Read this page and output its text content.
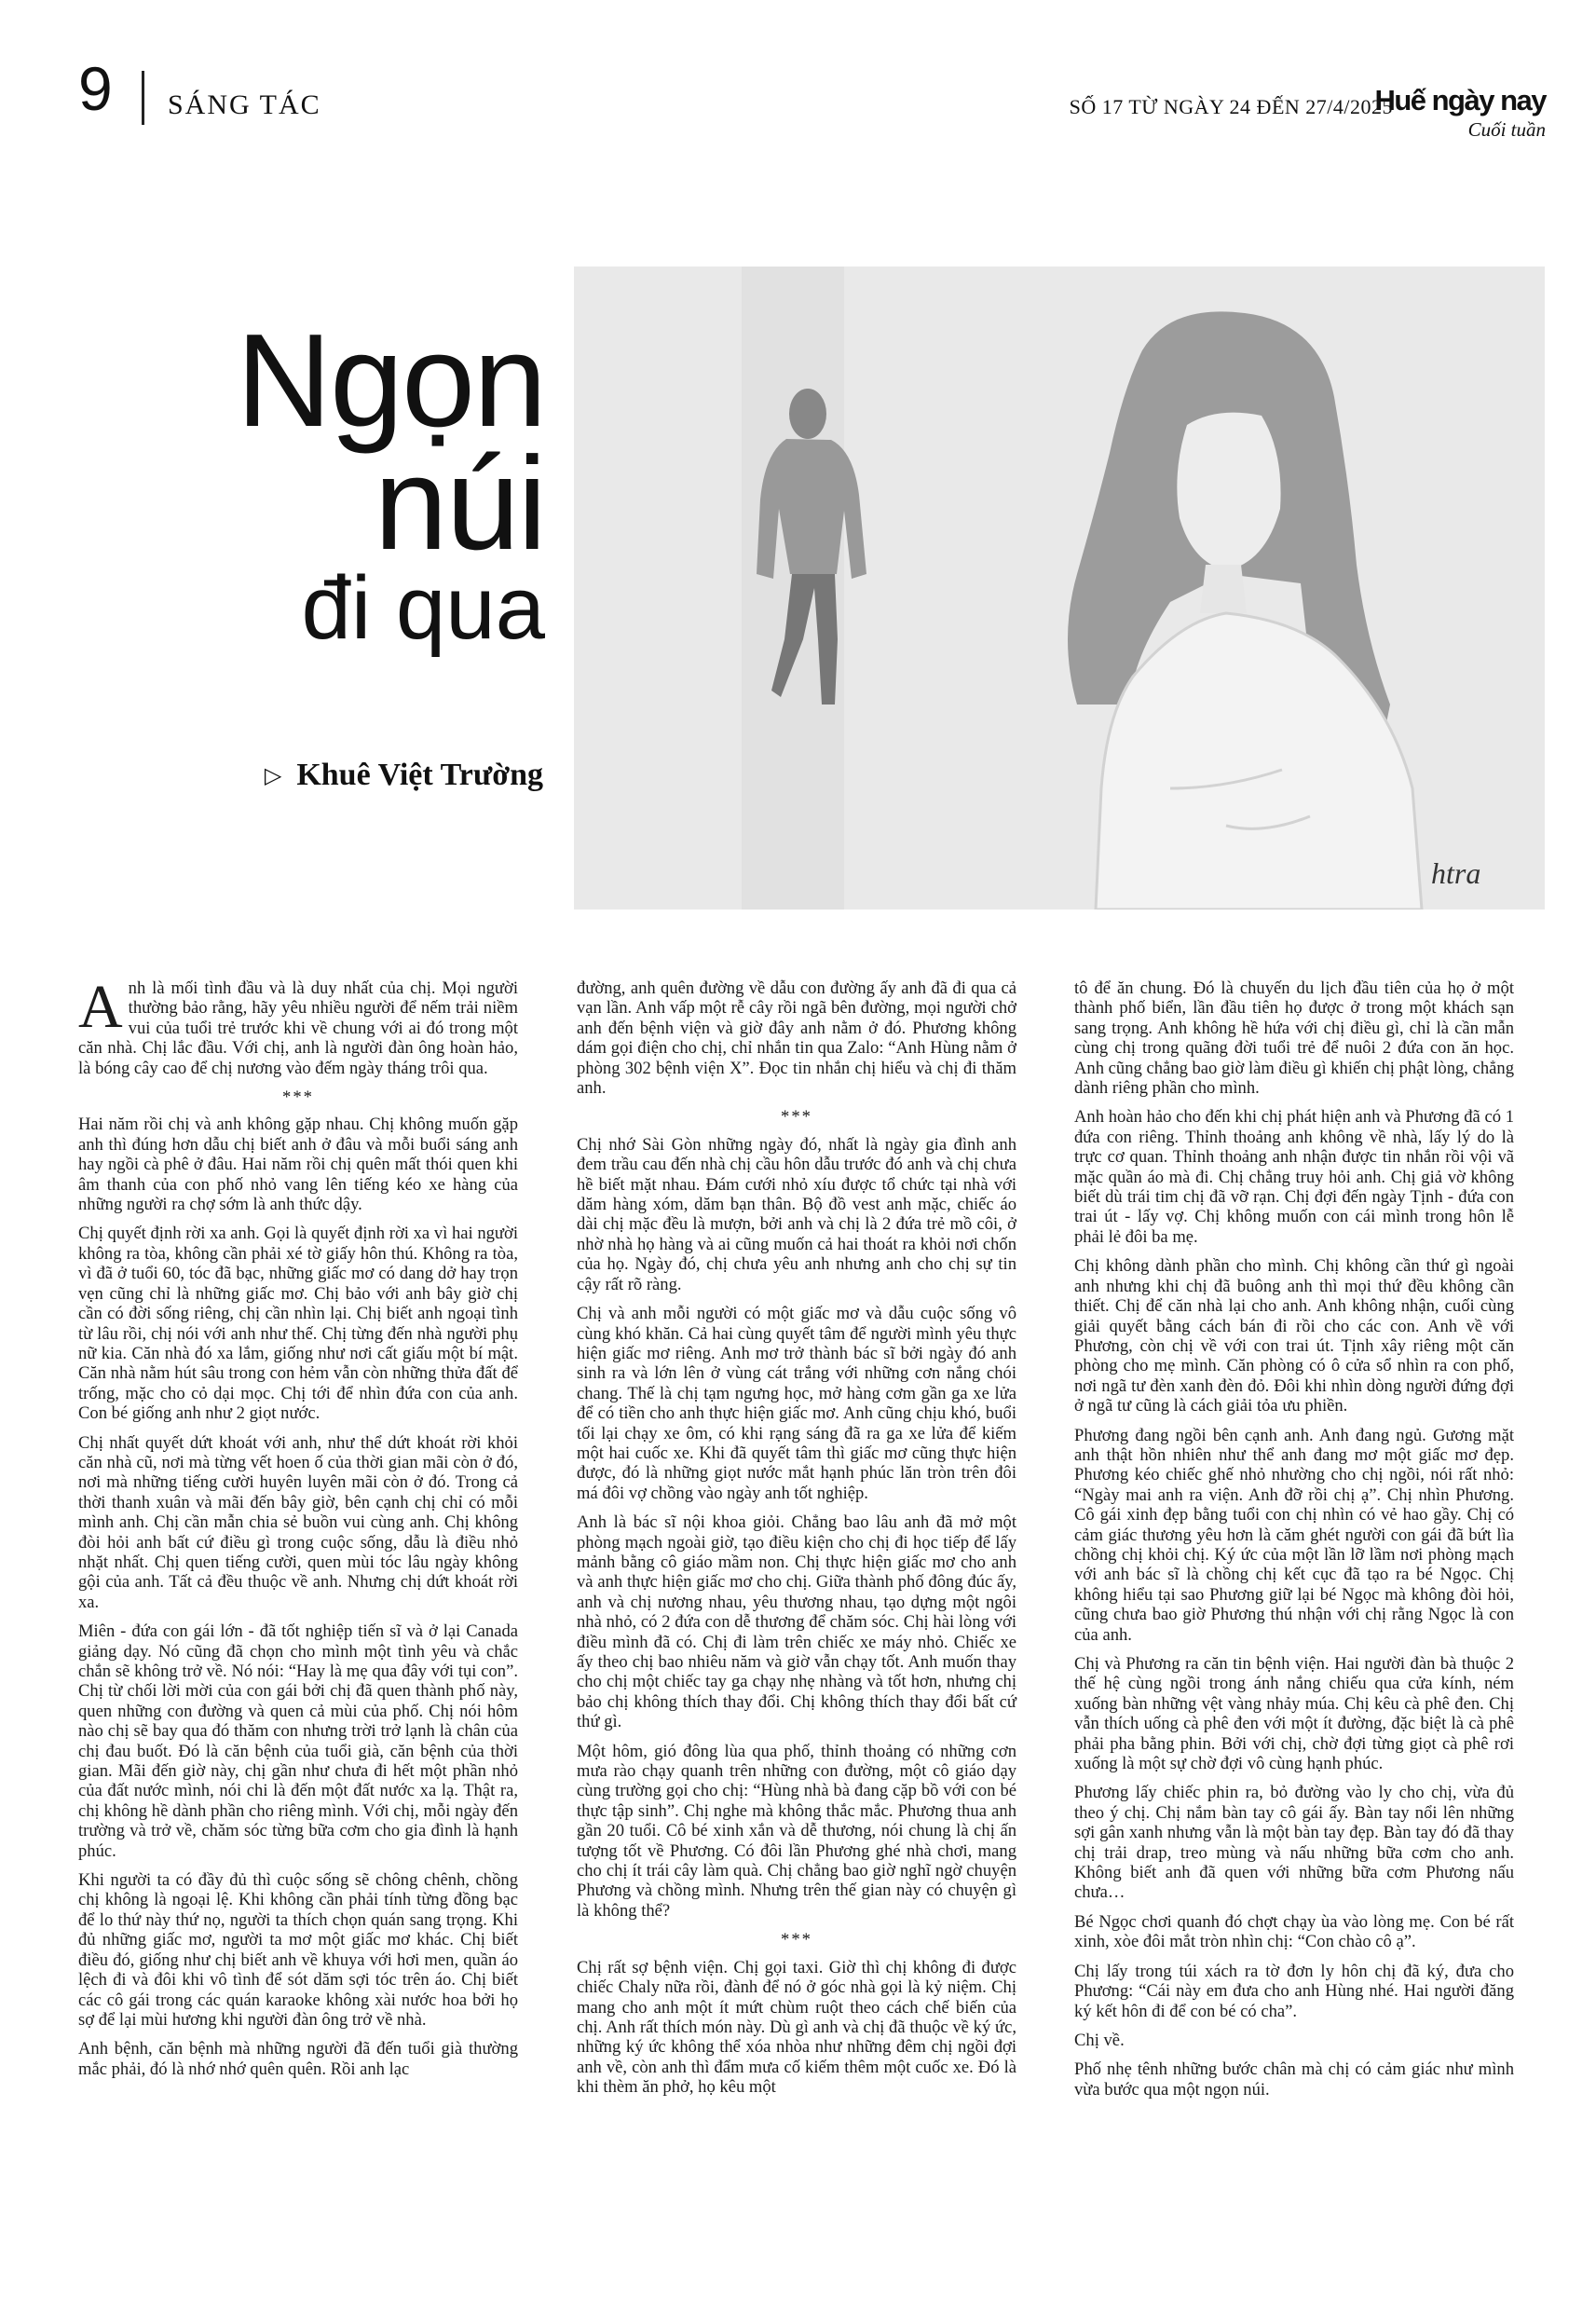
9 SÁNG TÁC	SỐ 17 TỪ NGÀY 24 ĐẾN 27/4/2025
Huế ngày nay
Cuối tuần
Ngọn
núi
đi qua
▷ Khuê Việt Trường
htra

Anh là mối tình đầu và là duy nhất của chị. Mọi người thường bảo rằng, hãy yêu nhiều người để nếm trải niềm vui của tuổi trẻ trước khi về chung với ai đó trong một căn nhà. Chị lắc đầu. Với chị, anh là người đàn ông hoàn hảo, là bóng cây cao để chị nương vào đếm ngày tháng trôi qua.

***

Hai năm rồi chị và anh không gặp nhau. Chị không muốn gặp anh thì đúng hơn dẫu chị biết anh ở đâu và mỗi buổi sáng anh hay ngồi cà phê ở đâu. Hai năm rồi chị quên mất thói quen khi âm thanh của con phố nhỏ vang lên tiếng kéo xe hàng của những người ra chợ sớm là anh thức dậy.

Chị quyết định rời xa anh. Gọi là quyết định rời xa vì hai người không ra tòa, không cần phải xé tờ giấy hôn thú. Không ra tòa, vì đã ở tuổi 60, tóc đã bạc, những giấc mơ có dang dở hay trọn vẹn cũng chỉ là những giấc mơ. Chị bảo với anh bây giờ chị cần có đời sống riêng, chị cần nhìn lại. Chị biết anh ngoại tình từ lâu rồi, chị nói với anh như thế. Chị từng đến nhà người phụ nữ kia. Căn nhà đó xa lắm, giống như nơi cất giấu một bí mật. Căn nhà nằm hút sâu trong con hẻm vẫn còn những thửa đất để trống, mặc cho cỏ dại mọc. Chị tới để nhìn đứa con của anh. Con bé giống anh như 2 giọt nước.

Chị nhất quyết dứt khoát với anh, như thể dứt khoát rời khỏi căn nhà cũ, nơi mà từng vết hoen ố của thời gian mãi còn ở đó, nơi mà những tiếng cười huyên luyên mãi còn ở đó. Trong cả thời thanh xuân và mãi đến bây giờ, bên cạnh chị chỉ có mỗi mình anh. Chị cần mẫn chia sẻ buồn vui cùng anh. Chị không đòi hỏi anh bất cứ điều gì trong cuộc sống, dẫu là điều nhỏ nhặt nhất. Chị quen tiếng cười, quen mùi tóc lâu ngày không gội của anh. Tất cả đều thuộc về anh. Nhưng chị dứt khoát rời xa.

Miên - đứa con gái lớn - đã tốt nghiệp tiến sĩ và ở lại Canada giảng dạy. Nó cũng đã chọn cho mình một tình yêu và chắc chắn sẽ không trở về. Nó nói: “Hay là mẹ qua đây với tụi con”. Chị từ chối lời mời của con gái bởi chị đã quen thành phố này, quen những con đường và quen cả mùi của phố. Chị nói hôm nào chị sẽ bay qua đó thăm con nhưng trời trở lạnh là chân của chị đau buốt. Đó là căn bệnh của tuổi già, căn bệnh của thời gian. Mãi đến giờ này, chị gần như chưa đi hết một phần nhỏ của đất nước mình, nói chi là đến một đất nước xa lạ. Thật ra, chị không hề dành phần cho riêng mình. Với chị, mỗi ngày đến trường và trở về, chăm sóc từng bữa cơm cho gia đình là hạnh phúc.

Khi người ta có đầy đủ thì cuộc sống sẽ chông chênh, chồng chị không là ngoại lệ. Khi không cần phải tính từng đồng bạc để lo thứ này thứ nọ, người ta thích chọn quán sang trọng. Khi đủ những giấc mơ, người ta mơ một giấc mơ khác. Chị biết điều đó, giống như chị biết anh về khuya với hơi men, quần áo lệch đi và đôi khi vô tình để sót dăm sợi tóc trên áo. Chị biết các cô gái trong các quán karaoke không xài nước hoa bởi họ sợ để lại mùi hương khi người đàn ông trở về nhà.

Anh bệnh, căn bệnh mà những người đã đến tuổi già thường mắc phải, đó là nhớ nhớ quên quên. Rồi anh lạc

đường, anh quên đường về dẫu con đường ấy anh đã đi qua cả vạn lần. Anh vấp một rễ cây rồi ngã bên đường, mọi người chở anh đến bệnh viện và giờ đây anh nằm ở đó. Phương không dám gọi điện cho chị, chỉ nhắn tin qua Zalo: “Anh Hùng nằm ở phòng 302 bệnh viện X”. Đọc tin nhắn chị hiểu và chị đi thăm anh.

***

Chị nhớ Sài Gòn những ngày đó, nhất là ngày gia đình anh đem trầu cau đến nhà chị cầu hôn dẫu trước đó anh và chị chưa hề biết mặt nhau. Đám cưới nhỏ xíu được tổ chức tại nhà với dăm hàng xóm, dăm bạn thân. Bộ đồ vest anh mặc, chiếc áo dài chị mặc đều là mượn, bởi anh và chị là 2 đứa trẻ mồ côi, ở nhờ nhà họ hàng và ai cũng muốn cả hai thoát ra khỏi nơi chốn của họ. Ngày đó, chị chưa yêu anh nhưng anh cho chị sự tin cậy rất rõ ràng.

Chị và anh mỗi người có một giấc mơ và dẫu cuộc sống vô cùng khó khăn. Cả hai cùng quyết tâm để người mình yêu thực hiện giấc mơ riêng. Anh mơ trở thành bác sĩ bởi ngày đó anh sinh ra và lớn lên ở vùng cát trắng với những cơn nắng chói chang. Thế là chị tạm ngưng học, mở hàng cơm gần ga xe lửa để có tiền cho anh thực hiện giấc mơ. Anh cũng chịu khó, buổi tối lại chạy xe ôm, có khi rạng sáng đã ra ga xe lửa để kiếm một hai cuốc xe. Khi đã quyết tâm thì giấc mơ cũng thực hiện được, đó là những giọt nước mắt hạnh phúc lăn tròn trên đôi má đôi vợ chồng vào ngày anh tốt nghiệp.

Anh là bác sĩ nội khoa giỏi. Chẳng bao lâu anh đã mở một phòng mạch ngoài giờ, tạo điều kiện cho chị đi học tiếp để lấy mảnh bằng cô giáo mầm non. Chị thực hiện giấc mơ cho anh và anh thực hiện giấc mơ cho chị. Giữa thành phố đông đúc ấy, anh và chị nương nhau, yêu thương nhau, tạo dựng một ngôi nhà nhỏ, có 2 đứa con dễ thương để chăm sóc. Chị hài lòng với điều mình đã có. Chị đi làm trên chiếc xe máy nhỏ. Chiếc xe ấy theo chị bao nhiêu năm và giờ vẫn chạy tốt. Anh muốn thay cho chị một chiếc tay ga chạy nhẹ nhàng và tốt hơn, nhưng chị bảo chị không thích thay đổi. Chị không thích thay đổi bất cứ thứ gì.

Một hôm, gió đông lùa qua phố, thỉnh thoảng có những cơn mưa rào chạy quanh trên những con đường, một cô giáo dạy cùng trường gọi cho chị: “Hùng nhà bà đang cặp bồ với con bé thực tập sinh”. Chị nghe mà không thắc mắc. Phương thua anh gần 20 tuổi. Cô bé xinh xắn và dễ thương, nói chung là chị ấn tượng tốt về Phương. Có đôi lần Phương ghé nhà chơi, mang cho chị ít trái cây làm quà. Chị chẳng bao giờ nghĩ ngờ chuyện Phương và chồng mình. Nhưng trên thế gian này có chuyện gì là không thể?

***

Chị rất sợ bệnh viện. Chị gọi taxi. Giờ thì chị không đi được chiếc Chaly nữa rồi, đành để nó ở góc nhà gọi là kỷ niệm. Chị mang cho anh một ít mứt chùm ruột theo cách chế biến của chị. Anh rất thích món này. Dù gì anh và chị đã thuộc về ký ức, những ký ức không thể xóa nhòa như những đêm chị ngồi đợi anh về, còn anh thì đẩm mưa cố kiếm thêm một cuốc xe. Đó là khi thèm ăn phở, họ kêu một

tô để ăn chung. Đó là chuyến du lịch đầu tiên của họ ở một thành phố biển, lần đầu tiên họ được ở trong một khách sạn sang trọng. Anh không hề hứa với chị điều gì, chỉ là cần mẫn cùng chị trong quãng đời tuổi trẻ để nuôi 2 đứa con ăn học. Anh cũng chẳng bao giờ làm điều gì khiến chị phật lòng, chẳng dành riêng phần cho mình.

Anh hoàn hảo cho đến khi chị phát hiện anh và Phương đã có 1 đứa con riêng. Thỉnh thoảng anh không về nhà, lấy lý do là trực cơ quan. Thỉnh thoảng anh nhận được tin nhắn rồi vội vã mặc quần áo mà đi. Chị chẳng truy hỏi anh. Chị giả vờ không biết dù trái tim chị đã vỡ rạn. Chị đợi đến ngày Tịnh - đứa con trai út - lấy vợ. Chị không muốn con cái mình trong hôn lễ phải lẻ đôi ba mẹ.

Chị không dành phần cho mình. Chị không cần thứ gì ngoài anh nhưng khi chị đã buông anh thì mọi thứ đều không cần thiết. Chị để căn nhà lại cho anh. Anh không nhận, cuối cùng giải quyết bằng cách bán đi rồi cho các con. Anh về với Phương, còn chị về với con trai út. Tịnh xây riêng một căn phòng cho mẹ mình. Căn phòng có ô cửa sổ nhìn ra con phố, nơi ngã tư đèn xanh đèn đỏ. Đôi khi nhìn dòng người đứng đợi ở ngã tư cũng là cách giải tỏa ưu phiền.

Phương đang ngồi bên cạnh anh. Anh đang ngủ. Gương mặt anh thật hồn nhiên như thể anh đang mơ một giấc mơ đẹp. Phương kéo chiếc ghế nhỏ nhường cho chị ngồi, nói rất nhỏ: “Ngày mai anh ra viện. Anh đỡ rồi chị ạ”. Chị nhìn Phương. Cô gái xinh đẹp bằng tuổi con chị nhìn có vẻ hao gầy. Chị có cảm giác thương yêu hơn là căm ghét người con gái đã bứt lìa chồng chị khỏi chị. Ký ức của một lần lỡ lầm nơi phòng mạch với anh bác sĩ là chồng chị kết cục đã tạo ra bé Ngọc. Chị không hiểu tại sao Phương giữ lại bé Ngọc mà không đòi hỏi, cũng chưa bao giờ Phương thú nhận với chị rằng Ngọc là con của anh.

Chị và Phương ra căn tin bệnh viện. Hai người đàn bà thuộc 2 thế hệ cùng ngồi trong ánh nắng chiếu qua cửa kính, ném xuống bàn những vệt vàng nhảy múa. Chị kêu cà phê đen. Chị vẫn thích uống cà phê đen với một ít đường, đặc biệt là cà phê phải pha bằng phin. Bởi với chị, chờ đợi từng giọt cà phê rơi xuống là một sự chờ đợi vô cùng hạnh phúc.

Phương lấy chiếc phin ra, bỏ đường vào ly cho chị, vừa đủ theo ý chị. Chị nắm bàn tay cô gái ấy. Bàn tay nổi lên những sợi gân xanh nhưng vẫn là một bàn tay đẹp. Bàn tay đó đã thay chị trải drap, treo mùng và nấu những bữa cơm cho anh. Không biết anh đã quen với những bữa cơm Phương nấu chưa…

Bé Ngọc chơi quanh đó chợt chạy ùa vào lòng mẹ. Con bé rất xinh, xòe đôi mắt tròn nhìn chị: “Con chào cô ạ”.

Chị lấy trong túi xách ra tờ đơn ly hôn chị đã ký, đưa cho Phương: “Cái này em đưa cho anh Hùng nhé. Hai người đăng ký kết hôn đi để con bé có cha”.

Chị về.

Phố nhẹ tênh những bước chân mà chị có cảm giác như mình vừa bước qua một ngọn núi.
